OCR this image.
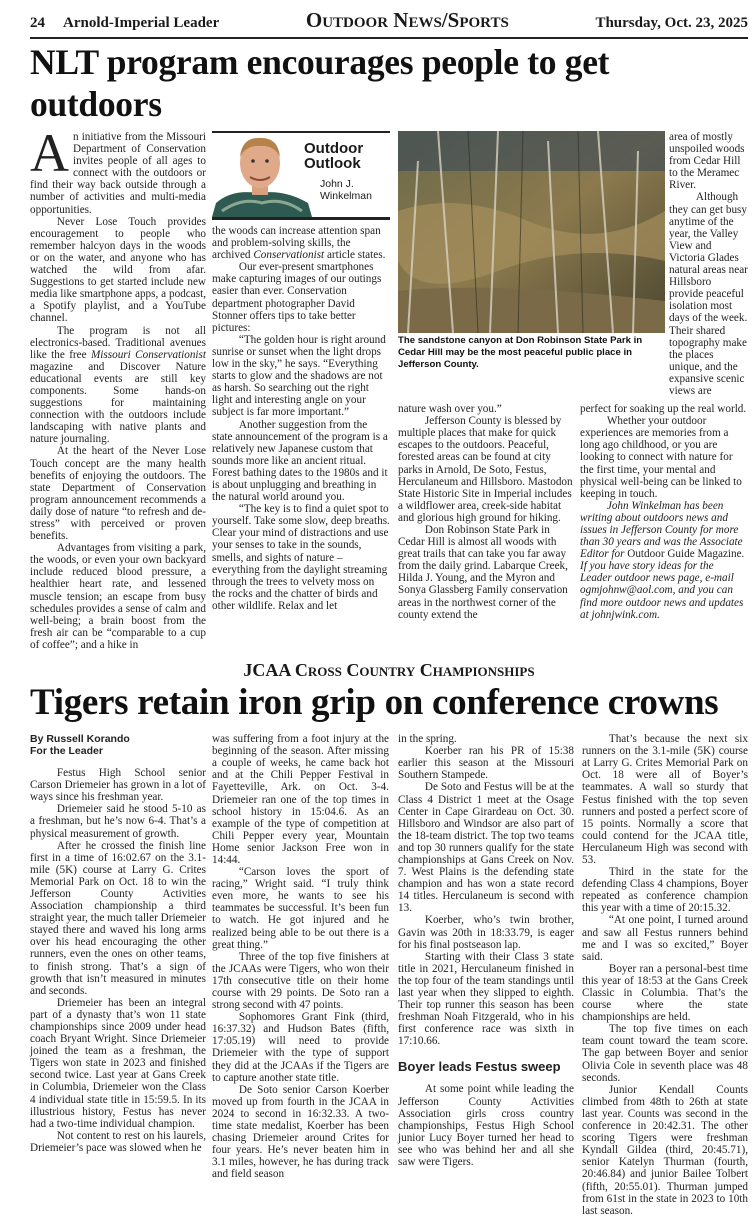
24 Arnold-Imperial Leader	Outdoor News/Sports	Thursday, Oct. 23, 2025
NLT program encourages people to get outdoors

An initiative from the Missouri Department of Conservation invites people of all ages to connect with the outdoors or find their way back outside through a number of activities and multi-media opportunities.

Never Lose Touch provides encouragement to people who remember halcyon days in the woods or on the water, and anyone who has watched the wild from afar. Suggestions to get started include new media like smartphone apps, a podcast, a Spotify playlist, and a YouTube channel.

The program is not all electronics-based. Traditional avenues like the free Missouri Conservationist magazine and Discover Nature educational events are still key components. Some hands-on suggestions for maintaining connection with the outdoors include landscaping with native plants and nature journaling.

At the heart of the Never Lose Touch concept are the many health benefits of enjoying the outdoors. The state Department of Conservation program announcement recommends a daily dose of nature “to refresh and de-stress” with perceived or proven benefits.

Advantages from visiting a park, the woods, or even your own backyard include reduced blood pressure, a healthier heart rate, and lessened muscle tension; an escape from busy schedules provides a sense of calm and well-being; a brain boost from the fresh air can be “comparable to a cup of coffee”; and a hike in

Outdoor
Outlook
John J.
Winkelman

the woods can increase attention span and problem-solving skills, the archived Conservationist article states.

Our ever-present smartphones make capturing images of our outings easier than ever. Conservation department photographer David Stonner offers tips to take better pictures:

“The golden hour is right around sunrise or sunset when the light drops low in the sky,” he says. “Everything starts to glow and the shadows are not as harsh. So searching out the right light and interesting angle on your subject is far more important.”

Another suggestion from the state announcement of the program is a relatively new Japanese custom that sounds more like an ancient ritual. Forest bathing dates to the 1980s and it is about unplugging and breathing in the natural world around you.

“The key is to find a quiet spot to yourself. Take some slow, deep breaths. Clear your mind of distractions and use your senses to take in the sounds, smells, and sights of nature – everything from the daylight streaming through the trees to velvety moss on the rocks and the chatter of birds and other wildlife. Relax and let

The sandstone canyon at Don Robinson State Park in Cedar Hill may be the most peaceful public place in Jefferson County.

area of mostly unspoiled woods from Cedar Hill to the Meramec River.

Although they can get busy anytime of the year, the Valley View and Victoria Glades natural areas near Hillsboro provide peaceful isolation most days of the week. Their shared topography make the places unique, and the expansive scenic views are

nature wash over you.”

Jefferson County is blessed by multiple places that make for quick escapes to the outdoors. Peaceful, forested areas can be found at city parks in Arnold, De Soto, Festus, Herculaneum and Hillsboro. Mastodon State Historic Site in Imperial includes a wildflower area, creek-side habitat and glorious high ground for hiking.

Don Robinson State Park in Cedar Hill is almost all woods with great trails that can take you far away from the daily grind. Labarque Creek, Hilda J. Young, and the Myron and Sonya Glassberg Family conservation areas in the northwest corner of the county extend the

perfect for soaking up the real world.

Whether your outdoor experiences are memories from a long ago childhood, or you are looking to connect with nature for the first time, your mental and physical well-being can be linked to keeping in touch.

John Winkelman has been writing about outdoors news and issues in Jefferson County for more than 30 years and was the Associate Editor for Outdoor Guide Magazine. If you have story ideas for the Leader outdoor news page, e-mail ogmjohnw@aol.com, and you can find more outdoor news and updates at johnjwink.com.

JCAA Cross Country Championships
Tigers retain iron grip on conference crowns
By Russell Korando
For the Leader

Festus High School senior Carson Driemeier has grown in a lot of ways since his freshman year.

Driemeier said he stood 5-10 as a freshman, but he’s now 6-4. That’s a physical measurement of growth.

After he crossed the finish line first in a time of 16:02.67 on the 3.1-mile (5K) course at Larry G. Crites Memorial Park on Oct. 18 to win the Jefferson County Activities Association championship a third straight year, the much taller Driemeier stayed there and waved his long arms over his head encouraging the other runners, even the ones on other teams, to finish strong. That’s a sign of growth that isn’t measured in minutes and seconds.

Driemeier has been an integral part of a dynasty that’s won 11 state championships since 2009 under head coach Bryant Wright. Since Driemeier joined the team as a freshman, the Tigers won state in 2023 and finished second twice. Last year at Gans Creek in Columbia, Driemeier won the Class 4 individual state title in 15:59.5. In its illustrious history, Festus has never had a two-time individual champion.

Not content to rest on his laurels, Driemeier’s pace was slowed when he

was suffering from a foot injury at the beginning of the season. After missing a couple of weeks, he came back hot and at the Chili Pepper Festival in Fayetteville, Ark. on Oct. 3-4. Driemeier ran one of the top times in school history in 15:04.6. As an example of the type of competition at Chili Pepper every year, Mountain Home senior Jackson Free won in 14:44.

“Carson loves the sport of racing,” Wright said. “I truly think even more, he wants to see his teammates be successful. It’s been fun to watch. He got injured and he realized being able to be out there is a great thing.”

Three of the top five finishers at the JCAAs were Tigers, who won their 17th consecutive title on their home course with 29 points. De Soto ran a strong second with 47 points.

Sophomores Grant Fink (third, 16:37.32) and Hudson Bates (fifth, 17:05.19) will need to provide Driemeier with the type of support they did at the JCAAs if the Tigers are to capture another state title.

De Soto senior Carson Koerber moved up from fourth in the JCAA in 2024 to second in 16:32.33. A two-time state medalist, Koerber has been chasing Driemeier around Crites for four years. He’s never beaten him in 3.1 miles, however, he has during track and field season

in the spring.

Koerber ran his PR of 15:38 earlier this season at the Missouri Southern Stampede.

De Soto and Festus will be at the Class 4 District 1 meet at the Osage Center in Cape Girardeau on Oct. 30. Hillsboro and Windsor are also part of the 18-team district. The top two teams and top 30 runners qualify for the state championships at Gans Creek on Nov. 7. West Plains is the defending state champion and has won a state record 14 titles. Herculaneum is second with 13.

Koerber, who’s twin brother, Gavin was 20th in 18:33.79, is eager for his final postseason lap.

Starting with their Class 3 state title in 2021, Herculaneum finished in the top four of the team standings until last year when they slipped to eighth. Their top runner this season has been freshman Noah Fitzgerald, who in his first conference race was sixth in 17:10.66.

Boyer leads Festus sweep

At some point while leading the Jefferson County Activities Association girls cross country championships, Festus High School junior Lucy Boyer turned her head to see who was behind her and all she saw were Tigers.

That’s because the next six runners on the 3.1-mile (5K) course at Larry G. Crites Memorial Park on Oct. 18 were all of Boyer’s teammates. A wall so sturdy that Festus finished with the top seven runners and posted a perfect score of 15 points. Normally a score that could contend for the JCAA title, Herculaneum High was second with 53.

Third in the state for the defending Class 4 champions, Boyer repeated as conference champion this year with a time of 20:15.32.

“At one point, I turned around and saw all Festus runners behind me and I was so excited,” Boyer said.

Boyer ran a personal-best time this year of 18:53 at the Gans Creek Classic in Columbia. That’s the course where the state championships are held.

The top five times on each team count toward the team score. The gap between Boyer and senior Olivia Cole in seventh place was 48 seconds.

Junior Kendall Counts climbed from 48th to 26th at state last year. Counts was second in the conference in 20:42.31. The other scoring Tigers were freshman Kyndall Gildea (third, 20:45.71), senior Katelyn Thurman (fourth, 20:46.84) and junior Bailee Tolbert (fifth, 20:55.01). Thurman jumped from 61st in the state in 2023 to 10th last season.
